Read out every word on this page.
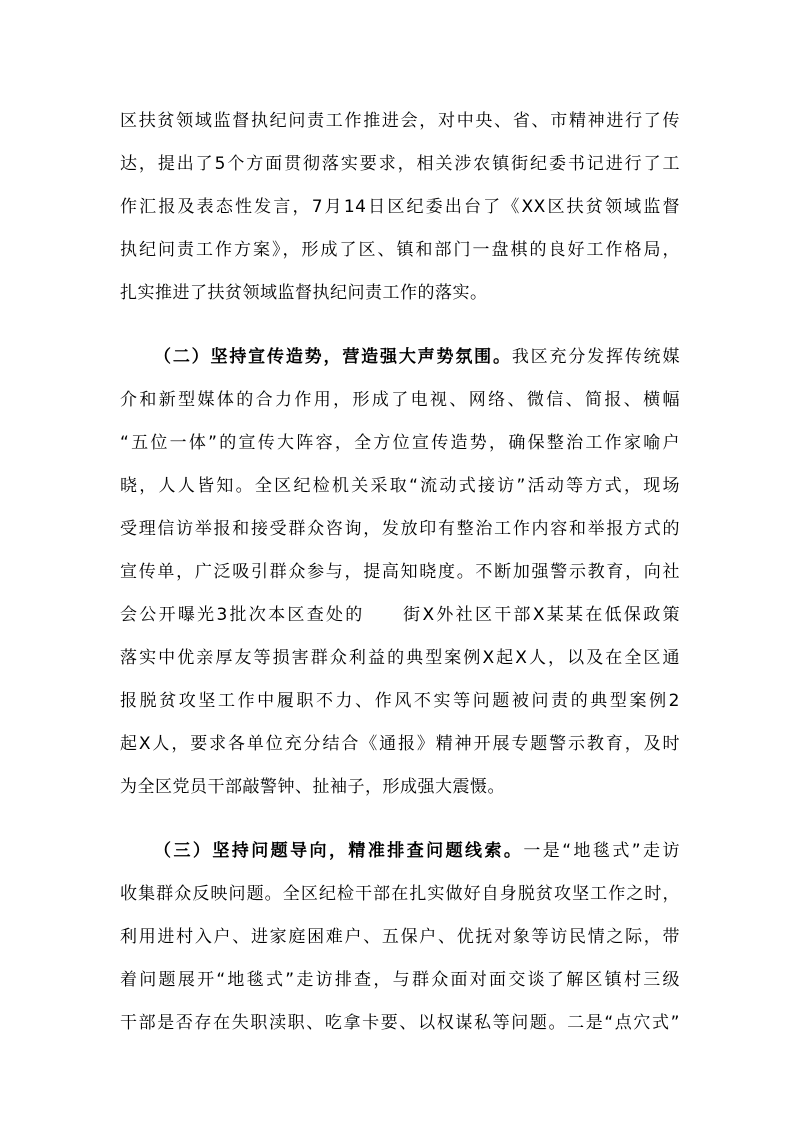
区扶贫领域监督执纪问责工作推进会，对中央、省、市精神进行了传
达，提出了5个方面贯彻落实要求，相关涉农镇街纪委书记进行了工
作汇报及表态性发言，7月14日区纪委出台了《XX区扶贫领域监督
执纪问责工作方案》，形成了区、镇和部门一盘棋的良好工作格局，
扎实推进了扶贫领域监督执纪问责工作的落实。
（二）坚持宣传造势，营造强大声势氛围。我区充分发挥传统媒
介和新型媒体的合力作用，形成了电视、网络、微信、简报、横幅
“五位一体”的宣传大阵容，全方位宣传造势，确保整治工作家喻户
晓，人人皆知。全区纪检机关采取“流动式接访”活动等方式，现场
受理信访举报和接受群众咨询，发放印有整治工作内容和举报方式的
宣传单，广泛吸引群众参与，提高知晓度。不断加强警示教育，向社
会公开曝光3批次本区查处的　　街X外社区干部X某某在低保政策
落实中优亲厚友等损害群众利益的典型案例X起X人，以及在全区通
报脱贫攻坚工作中履职不力、作风不实等问题被问责的典型案例2
起X人，要求各单位充分结合《通报》精神开展专题警示教育，及时
为全区党员干部敲警钟、扯袖子，形成强大震慑。
（三）坚持问题导向，精准排查问题线索。一是“地毯式”走访
收集群众反映问题。全区纪检干部在扎实做好自身脱贫攻坚工作之时，
利用进村入户、进家庭困难户、五保户、优抚对象等访民情之际，带
着问题展开“地毯式”走访排查，与群众面对面交谈了解区镇村三级
干部是否存在失职渎职、吃拿卡要、以权谋私等问题。二是“点穴式”
